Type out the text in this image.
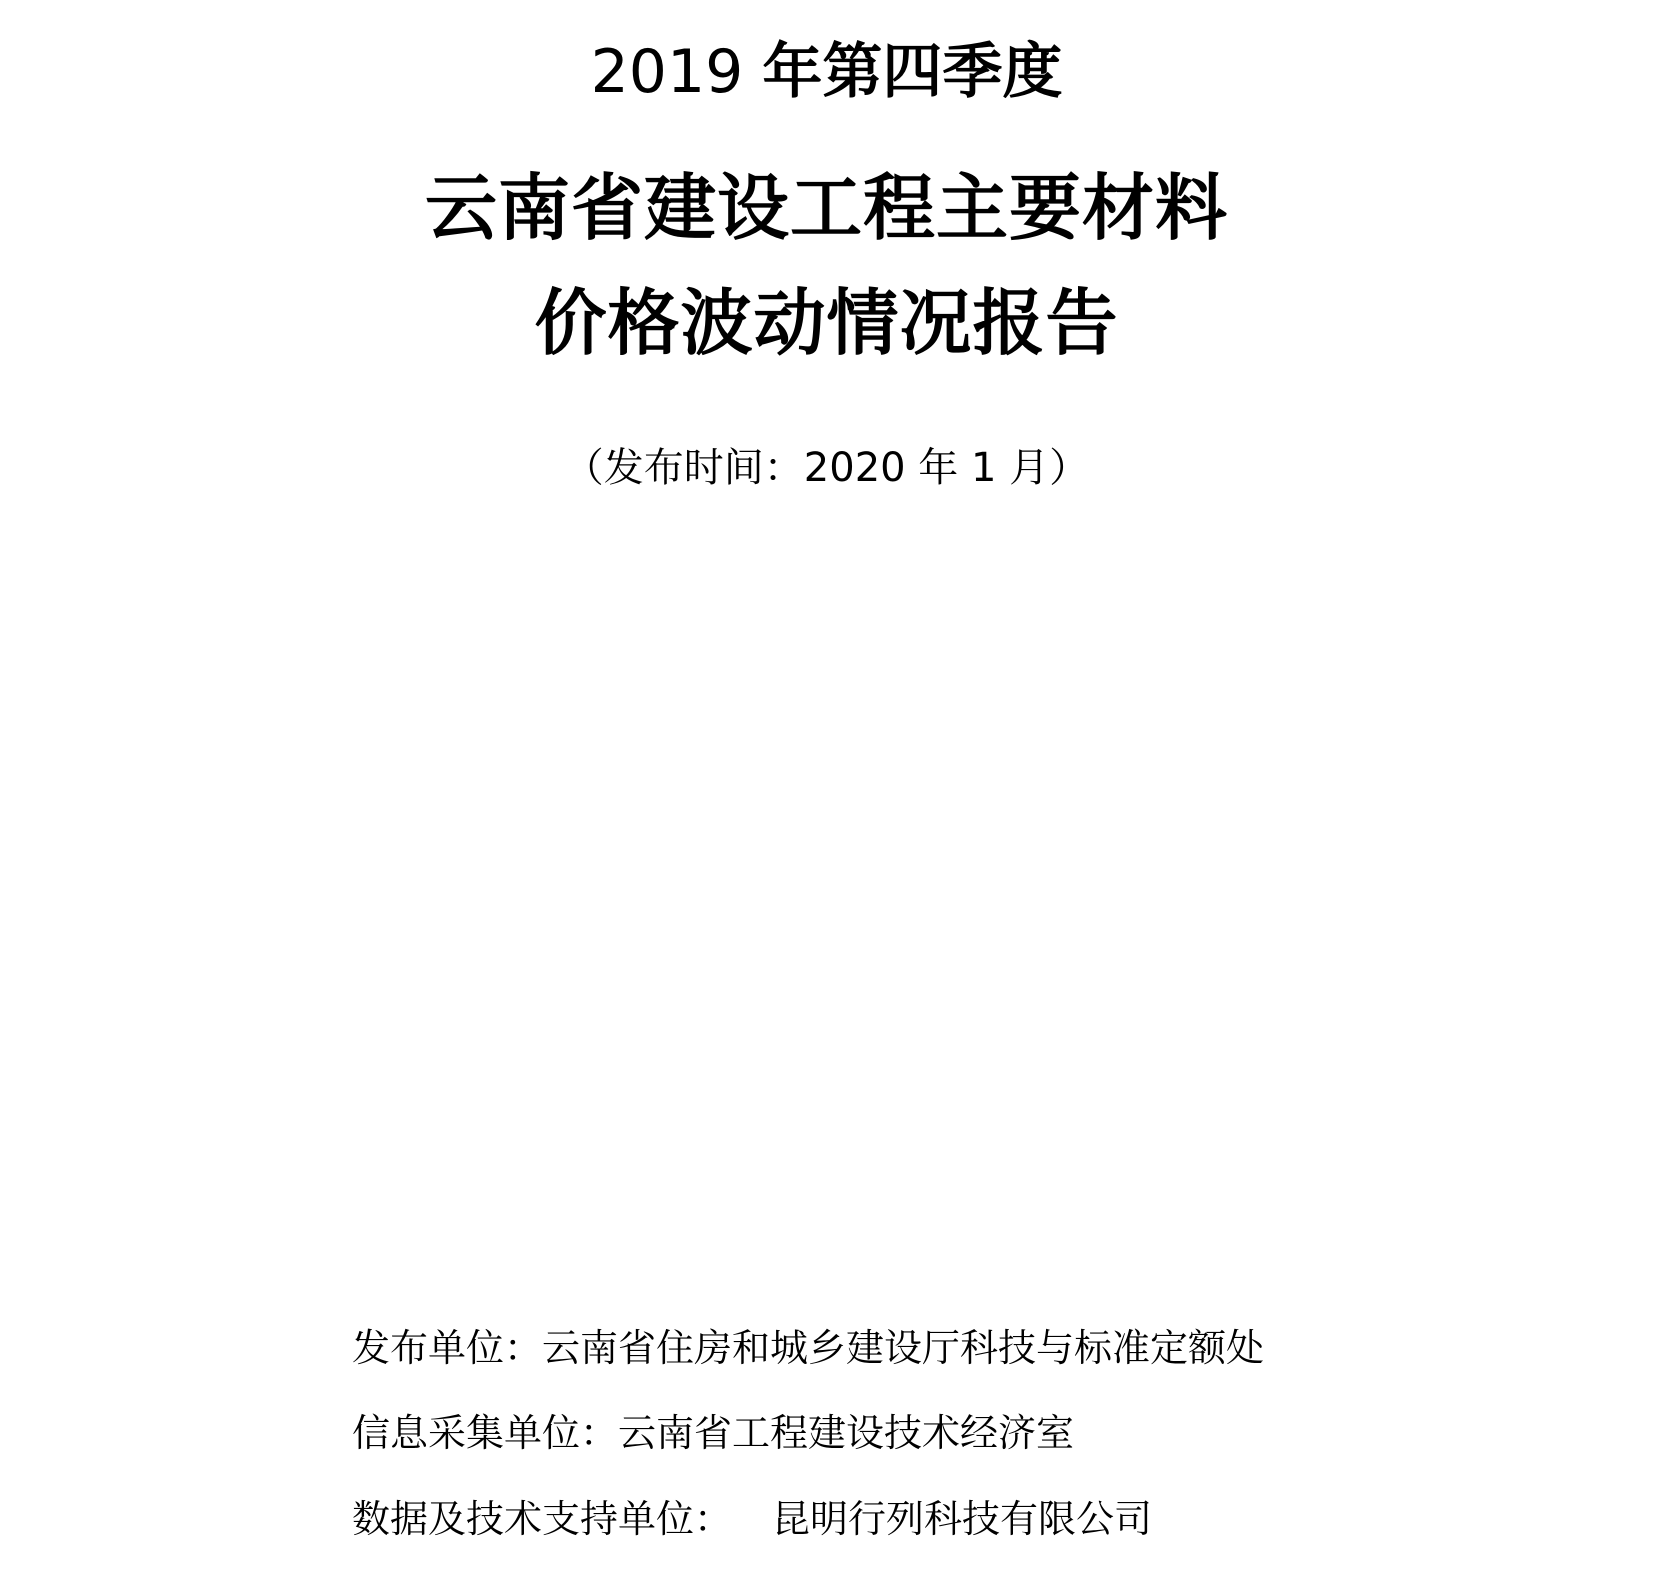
2019 年第四季度
云南省建设工程主要材料
价格波动情况报告
（发布时间：2020 年 1 月）
发布单位：云南省住房和城乡建设厅科技与标准定额处
信息采集单位：云南省工程建设技术经济室
数据及技术支持单位： 昆明行列科技有限公司
